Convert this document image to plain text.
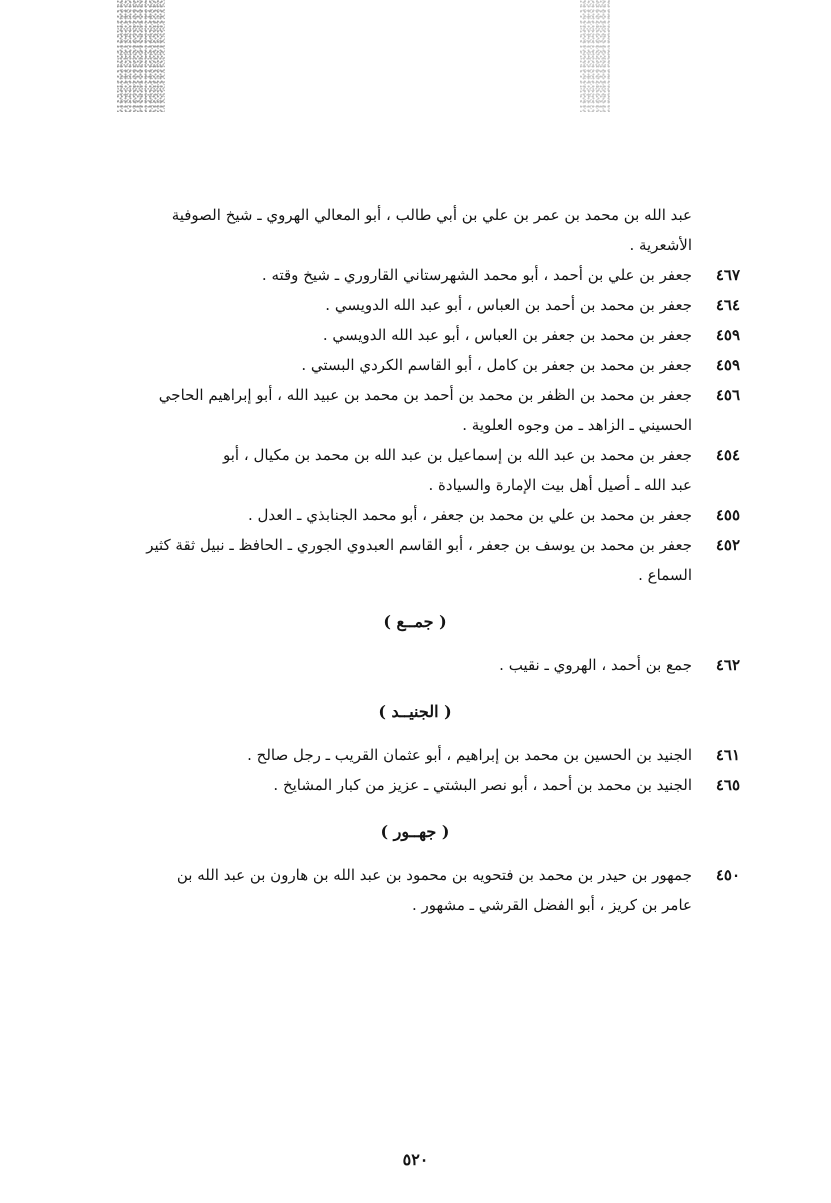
عبد الله بن محمد بن عمر بن علي بن أبي طالب ، أبو المعالي الهروي ـ شيخ الصوفية
الأشعرية .
٤٦٧
جعفر بن علي بن أحمد ، أبو محمد الشهرستاني القاروري ـ شيخ وقته .
٤٦٤
جعفر بن محمد بن أحمد بن العباس ، أبو عبد الله الدويسي .
٤٥٩
جعفر بن محمد بن جعفر بن العباس ، أبو عبد الله الدويسي .
٤٥٩
جعفر بن محمد بن جعفر بن كامل ، أبو القاسم الكردي البستي .
٤٥٦
جعفر بن محمد بن الظفر بن محمد بن أحمد بن محمد بن عبيد الله ، أبو إبراهيم الحاجي
الحسيني ـ الزاهد ـ من وجوه العلوية .
٤٥٤
جعفر بن محمد بن عبد الله بن إسماعيل بن عبد الله بن محمد بن مكيال ، أبو
عبد الله ـ أصيل أهل بيت الإمارة والسيادة .
٤٥٥
جعفر بن محمد بن علي بن محمد بن جعفر ، أبو محمد الجنابذي ـ العدل .
٤٥٢
جعفر بن محمد بن يوسف بن جعفر ، أبو القاسم العبدوي الجوري ـ الحافظ ـ نبيل ثقة كثير
السماع .
( جمــع )
٤٦٢
جمع بن أحمد ، الهروي ـ نقيب .
( الجنيــد )
٤٦١
الجنيد بن الحسين بن محمد بن إبراهيم ، أبو عثمان القريب ـ رجل صالح .
٤٦٥
الجنيد بن محمد بن أحمد ، أبو نصر البشتي ـ عزيز من كبار المشايخ .
( جهــور )
٤٥٠
جمهور بن حيدر بن محمد بن فتحويه بن محمود بن عبد الله بن هارون بن عبد الله بن
عامر بن كريز ، أبو الفضل القرشي ـ مشهور .
٥٢٠
